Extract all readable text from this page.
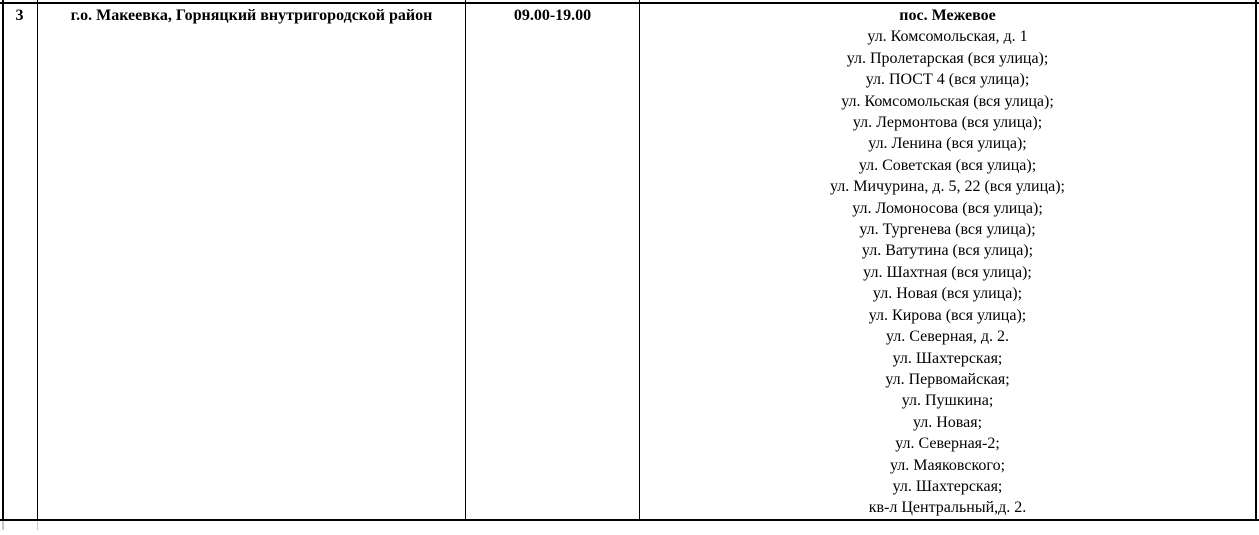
3	г.о. Макеевка, Горняцкий внутригородской район	09.00-19.00	пос. Межевое
ул. Комсомольская, д. 1
ул. Пролетарская (вся улица);
ул. ПОСТ 4 (вся улица);
ул. Комсомольская (вся улица);
ул. Лермонтова (вся улица);
ул. Ленина (вся улица);
ул. Советская (вся улица);
ул. Мичурина, д. 5, 22 (вся улица);
ул. Ломоносова (вся улица);
ул. Тургенева (вся улица);
ул. Ватутина (вся улица);
ул. Шахтная (вся улица);
ул. Новая (вся улица);
ул. Кирова (вся улица);
ул. Северная, д. 2.
ул. Шахтерская;
ул. Первомайская;
ул. Пушкина;
ул. Новая;
ул. Северная-2;
ул. Маяковского;
ул. Шахтерская;
кв-л Центральный,д. 2.
